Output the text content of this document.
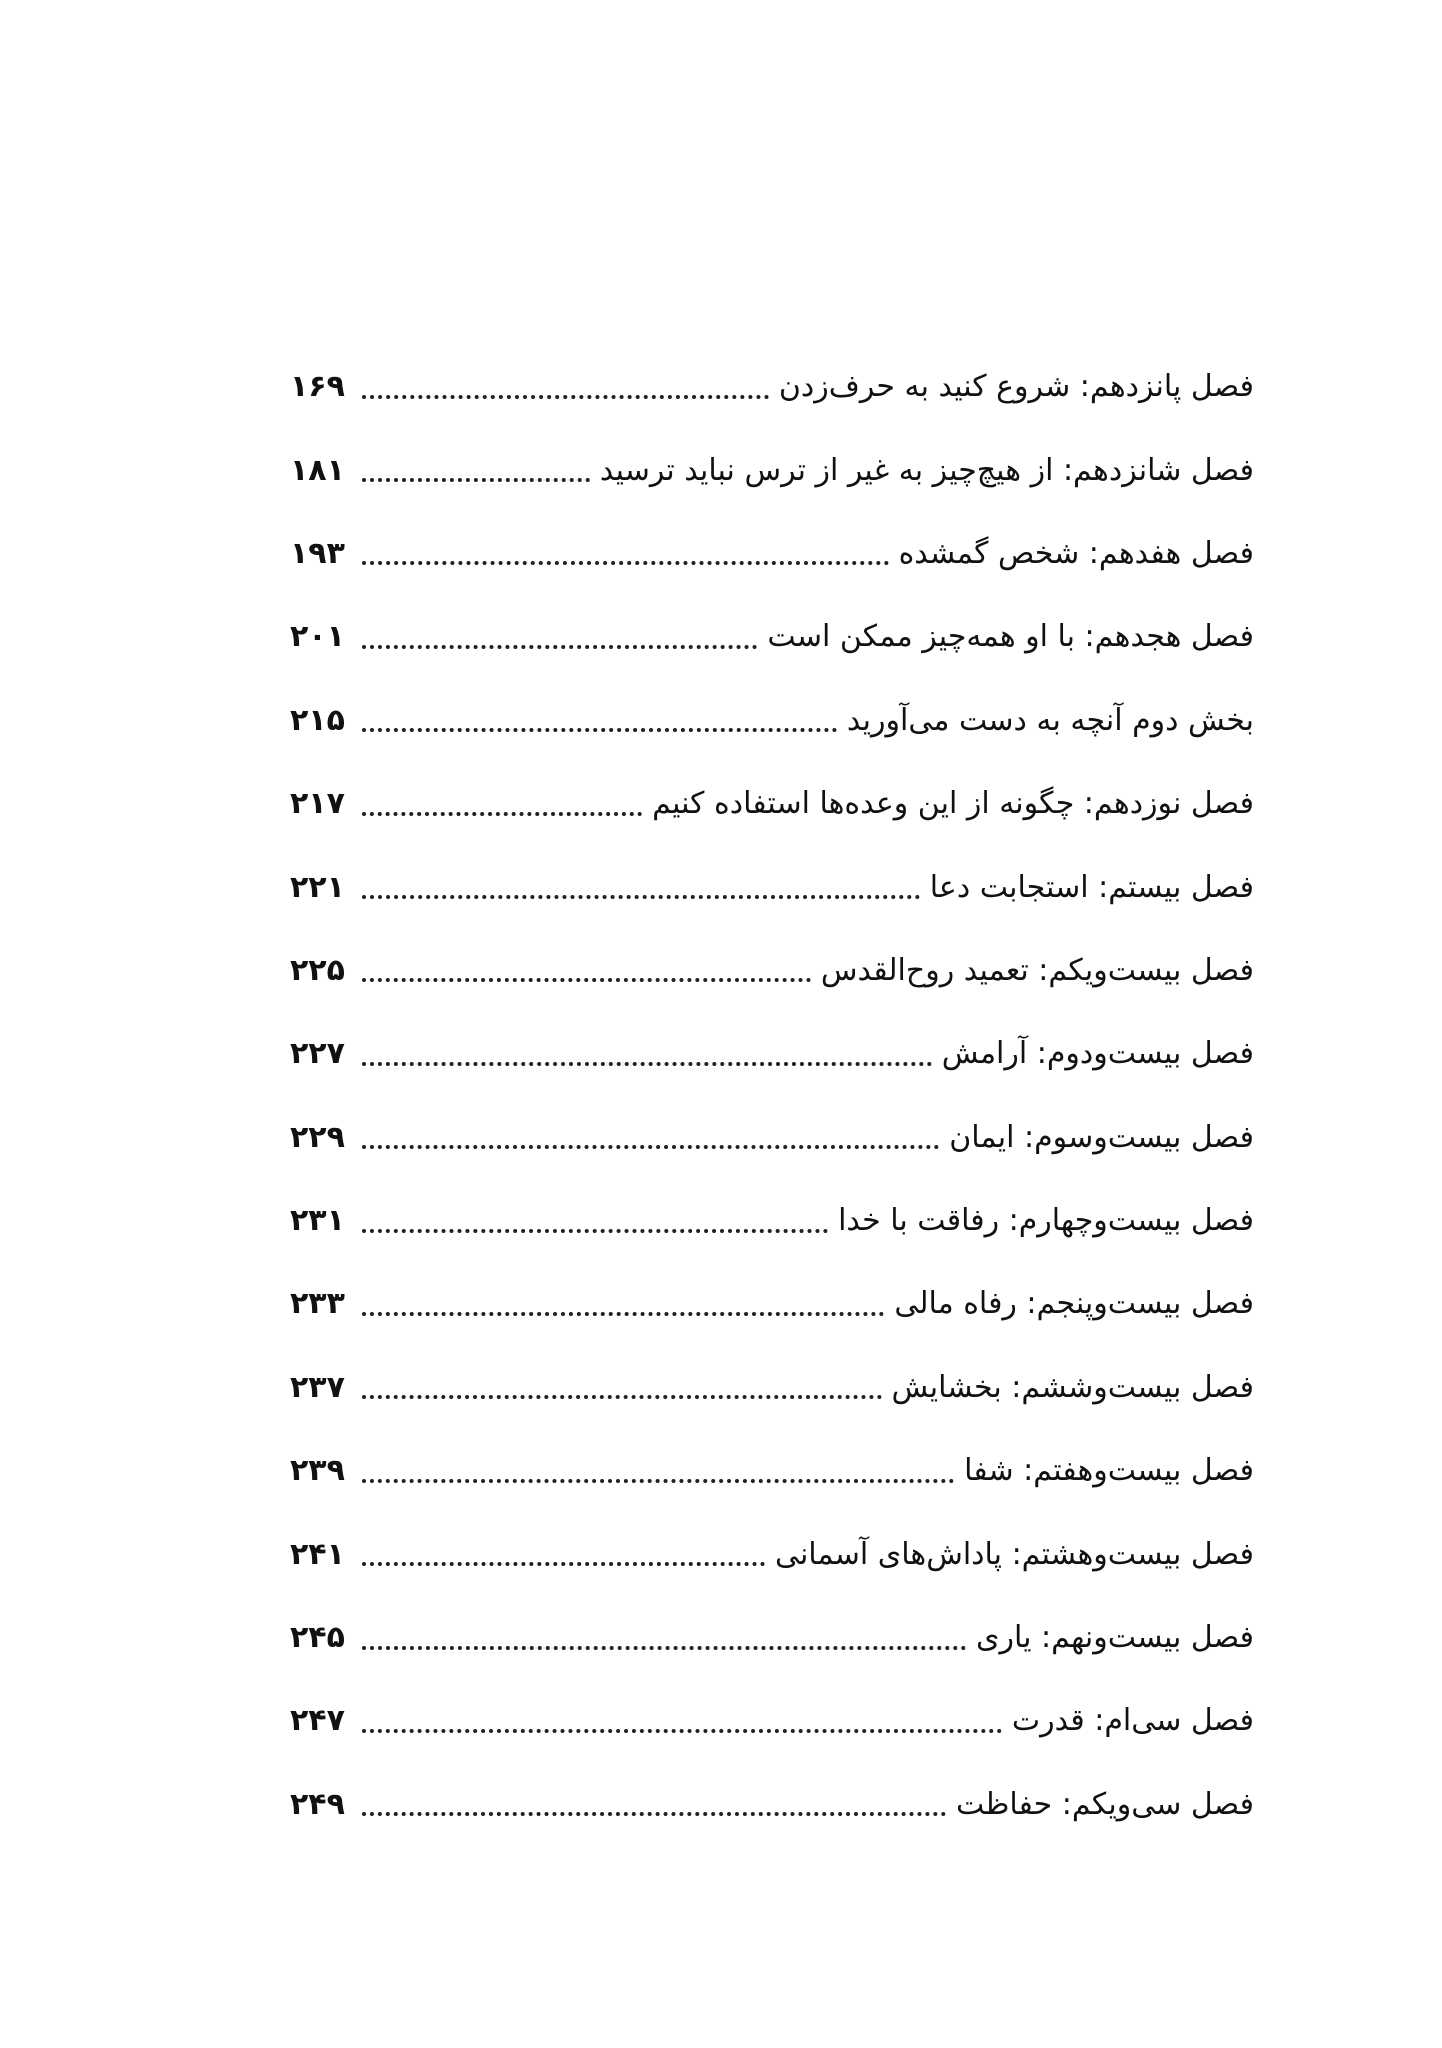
فصل پانزدهم: شروع کنید به حرف‌زدن
۱۶۹
فصل شانزدهم: از هیچ‌چیز به غیر از ترس نباید ترسید
۱۸۱
فصل هفدهم: شخص گمشده
۱۹۳
فصل هجدهم: با او همه‌چیز ممکن است
۲۰۱
بخش دوم آنچه به دست می‌آورید
۲۱۵
فصل نوزدهم: چگونه از این وعده‌ها استفاده کنیم
۲۱۷
فصل بیستم: استجابت دعا
۲۲۱
فصل بیست‌ویکم: تعمید روح‌القدس
۲۲۵
فصل بیست‌ودوم: آرامش
۲۲۷
فصل بیست‌وسوم: ایمان
۲۲۹
فصل بیست‌وچهارم: رفاقت با خدا
۲۳۱
فصل بیست‌وپنجم: رفاه مالی
۲۳۳
فصل بیست‌وششم: بخشایش
۲۳۷
فصل بیست‌وهفتم: شفا
۲۳۹
فصل بیست‌وهشتم: پاداش‌های آسمانی
۲۴۱
فصل بیست‌ونهم: یاری
۲۴۵
فصل سی‌ام: قدرت
۲۴۷
فصل سی‌ویکم: حفاظت
۲۴۹
